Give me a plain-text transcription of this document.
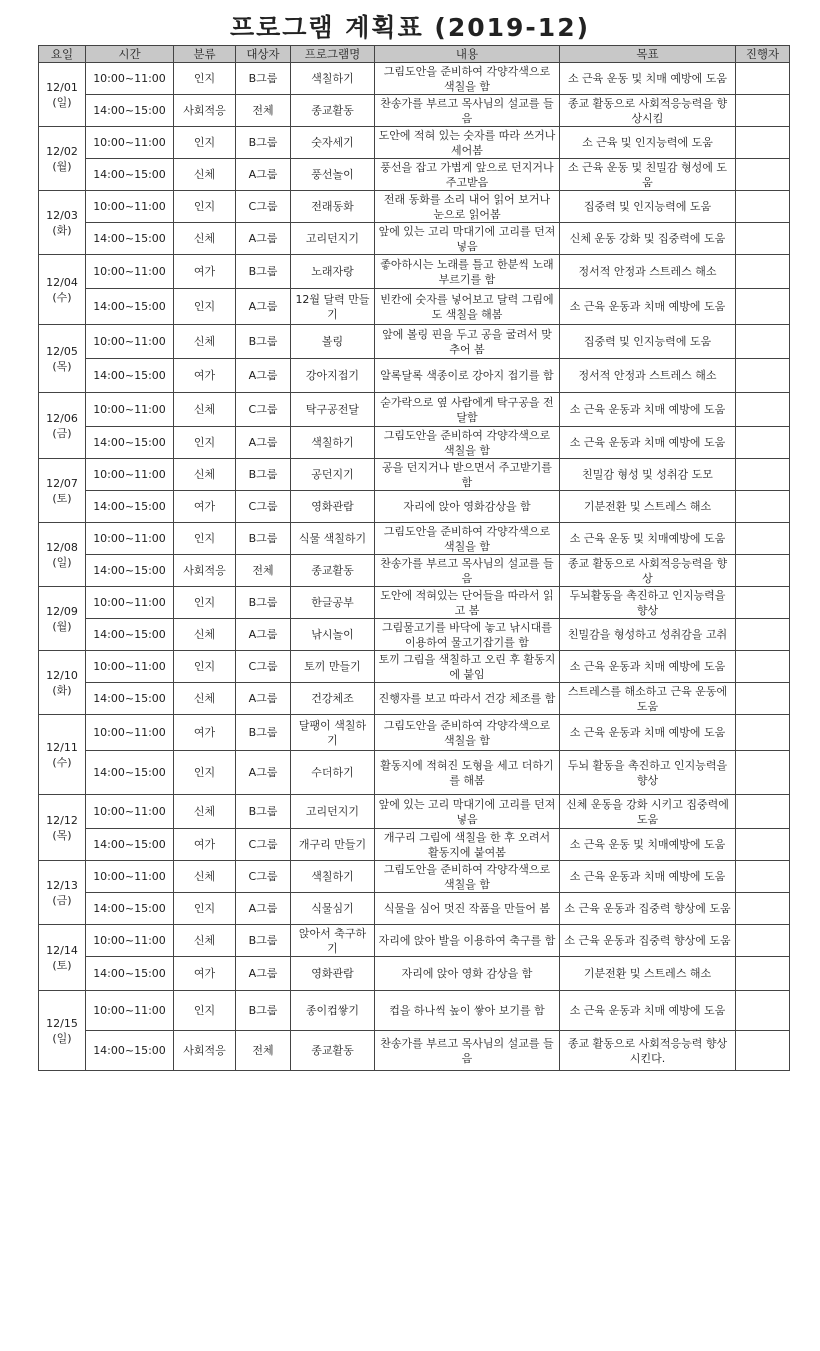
프로그램 계획표 (2019-12)
요일	시간	분류	대상자	프로그램명	내용	목표	진행자

12/01
(일)	10:00~11:00	인지	B그룹	색칠하기	그림도안을 준비하여 각양각색으로 색칠을 함	소 근육 운동 및 치매 예방에 도움	
	14:00~15:00	사회적응	전체	종교활동	찬송가를 부르고 목사님의 설교를 들음	종교 활동으로 사회적응능력을 향상시킴	

12/02
(월)	10:00~11:00	인지	B그룹	숫자세기	도안에 적혀 있는 숫자를 따라 쓰거나 세어봄	소 근육 및 인지능력에 도움	
	14:00~15:00	신체	A그룹	풍선놀이	풍선을 잡고 가볍게 앞으로 던지거나 주고받음	소 근육 운동 및 친밀감 형성에 도움	

12/03
(화)	10:00~11:00	인지	C그룹	전래동화	전래 동화를 소리 내어 읽어 보거나 눈으로 읽어봄	집중력 및 인지능력에 도움	
	14:00~15:00	신체	A그룹	고리던지기	앞에 있는 고리 막대기에 고리를 던져 넣음	신체 운동 강화 및 집중력에 도움	

12/04
(수)	10:00~11:00	여가	B그룹	노래자랑	좋아하시는 노래를 틀고 한분씩 노래 부르기를 함	정서적 안정과 스트레스 해소	
	14:00~15:00	인지	A그룹	12월 달력 만들기	빈칸에 숫자를 넣어보고 달력 그림에도 색칠을 해봄	소 근육 운동과 치매 예방에 도움	

12/05
(목)	10:00~11:00	신체	B그룹	볼링	앞에 볼링 핀을 두고 공을 굴려서 맞추어 봄	집중력 및 인지능력에 도움	
	14:00~15:00	여가	A그룹	강아지접기	알록달록 색종이로 강아지 접기를 함	정서적 안정과 스트레스 해소	

12/06
(금)	10:00~11:00	신체	C그룹	탁구공전달	숟가락으로 옆 사람에게 탁구공을 전달함	소 근육 운동과 치매 예방에 도움	
	14:00~15:00	인지	A그룹	색칠하기	그림도안을 준비하여 각양각색으로 색칠을 함	소 근육 운동과 치매 예방에 도움	

12/07
(토)	10:00~11:00	신체	B그룹	공던지기	공을 던지거나 받으면서 주고받기를 함	친밀감 형성 및 성취감 도모	
	14:00~15:00	여가	C그룹	영화관람	자리에 앉아 영화감상을 함	기분전환 및 스트레스 해소	

12/08
(일)	10:00~11:00	인지	B그룹	식물 색칠하기	그림도안을 준비하여 각양각색으로 색칠을 함	소 근육 운동 및 치매예방에 도움	
	14:00~15:00	사회적응	전체	종교활동	찬송가를 부르고 목사님의 설교를 들음	종교 활동으로 사회적응능력을 향상	

12/09
(월)	10:00~11:00	인지	B그룹	한글공부	도안에 적혀있는 단어들을 따라서 읽고 봄	두뇌활동을 촉진하고 인지능력을 향상	
	14:00~15:00	신체	A그룹	낚시놀이	그림물고기를 바닥에 놓고 낚시대를 이용하여 물고기잡기를 함	친밀감을 형성하고 성취감을 고취	

12/10
(화)	10:00~11:00	인지	C그룹	토끼 만들기	토끼 그림을 색칠하고 오린 후 활동지에 붙임	소 근육 운동과 치매 예방에 도움	
	14:00~15:00	신체	A그룹	건강체조	진행자를 보고 따라서 건강 체조를 함	스트레스를 해소하고 근육 운동에 도움	

12/11
(수)	10:00~11:00	여가	B그룹	달팽이 색칠하기	그림도안을 준비하여 각양각색으로 색칠을 함	소 근육 운동과 치매 예방에 도움	
	14:00~15:00	인지	A그룹	수더하기	활동지에 적혀진 도형을 세고 더하기를 해봄	두뇌 활동을 촉진하고 인지능력을 향상	

12/12
(목)	10:00~11:00	신체	B그룹	고리던지기	앞에 있는 고리 막대기에 고리를 던져 넣음	신체 운동을 강화 시키고 집중력에 도움	
	14:00~15:00	여가	C그룹	개구리 만들기	개구리 그림에 색칠을 한 후 오려서 활동지에 붙여봄	소 근육 운동 및 치매예방에 도움	

12/13
(금)	10:00~11:00	신체	C그룹	색칠하기	그림도안을 준비하여 각양각색으로 색칠을 함	소 근육 운동과 치매 예방에 도움	
	14:00~15:00	인지	A그룹	식물심기	식물을 심어 멋진 작품을 만들어 봄	소 근육 운동과 집중력 향상에 도움	

12/14
(토)	10:00~11:00	신체	B그룹	앉아서 축구하기	자리에 앉아 발을 이용하여 축구를 함	소 근육 운동과 집중력 향상에 도움	
	14:00~15:00	여가	A그룹	영화관람	자리에 앉아 영화 감상을 함	기분전환 및 스트레스 해소	

12/15
(일)	10:00~11:00	인지	B그룹	종이컵쌓기	컵을 하나씩 높이 쌓아 보기를 함	소 근육 운동과 치매 예방에 도움	
	14:00~15:00	사회적응	전체	종교활동	찬송가를 부르고 목사님의 설교를 들음	종교 활동으로 사회적응능력 향상시킨다.	
